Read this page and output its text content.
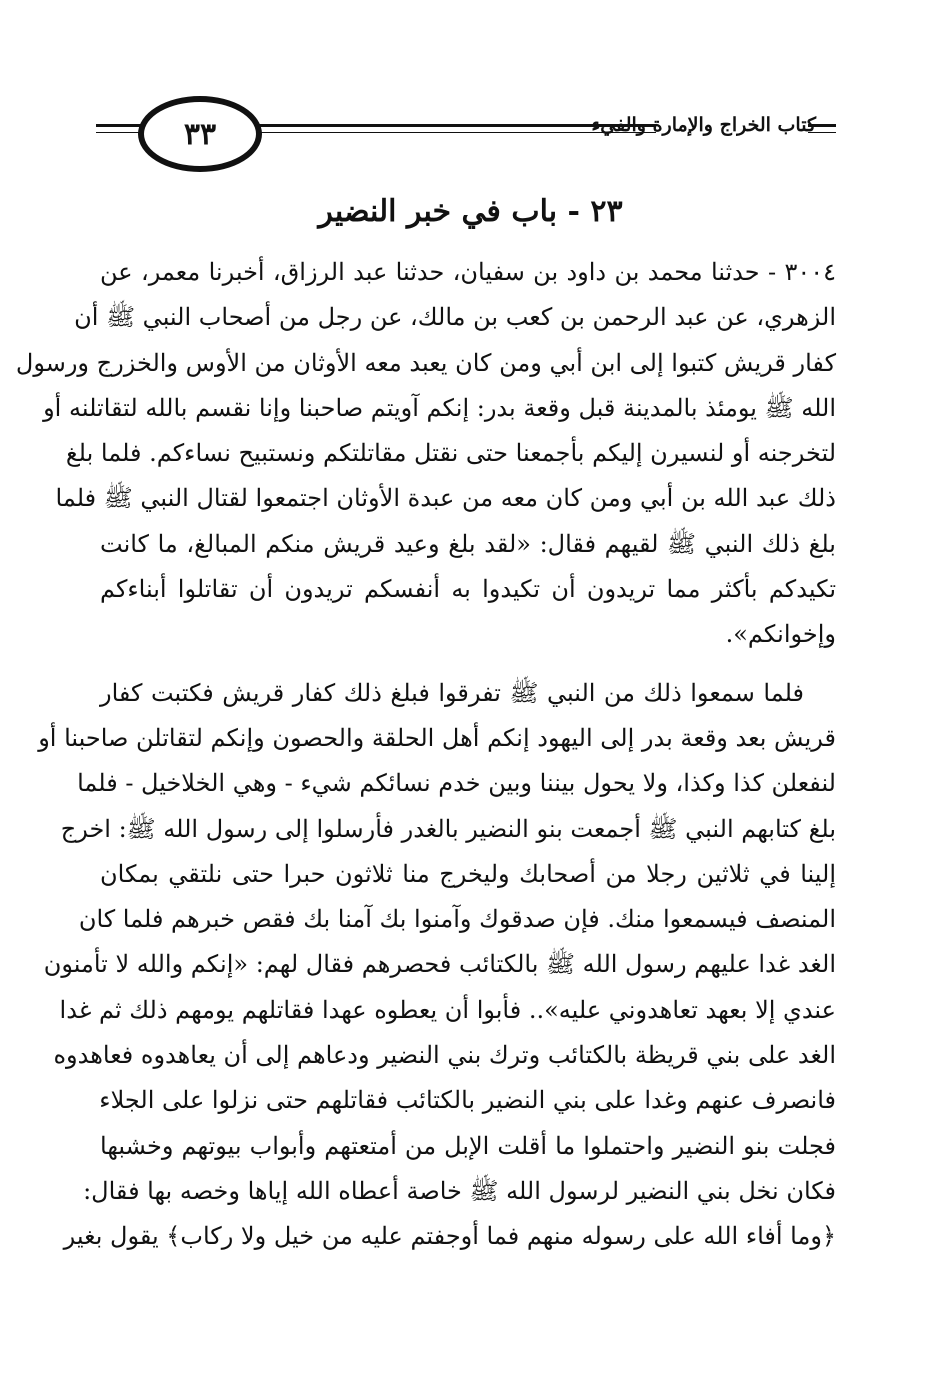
٣٣	كتاب الخراج والإمارة والفيء
٢٣ - باب في خبر النضير
٣٠٠٤ - حدثنا محمد بن داود بن سفيان، حدثنا عبد الرزاق، أخبرنا معمر، عن
الزهري، عن عبد الرحمن بن كعب بن مالك، عن رجل من أصحاب النبي ﷺ أن
كفار قريش كتبوا إلى ابن أبي ومن كان يعبد معه الأوثان من الأوس والخزرج ورسول
الله ﷺ يومئذ بالمدينة قبل وقعة بدر: إنكم آويتم صاحبنا وإنا نقسم بالله لتقاتلنه أو
لتخرجنه أو لنسيرن إليكم بأجمعنا حتى نقتل مقاتلتكم ونستبيح نساءكم. فلما بلغ
ذلك عبد الله بن أبي ومن كان معه من عبدة الأوثان اجتمعوا لقتال النبي ﷺ فلما
بلغ ذلك النبي ﷺ لقيهم فقال: «لقد بلغ وعيد قريش منكم المبالغ، ما كانت
تكيدكم بأكثر مما تريدون أن تكيدوا به أنفسكم تريدون أن تقاتلوا أبناءكم
وإخوانكم».
فلما سمعوا ذلك من النبي ﷺ تفرقوا فبلغ ذلك كفار قريش فكتبت كفار
قريش بعد وقعة بدر إلى اليهود إنكم أهل الحلقة والحصون وإنكم لتقاتلن صاحبنا أو
لنفعلن كذا وكذا، ولا يحول بيننا وبين خدم نسائكم شيء - وهي الخلاخيل - فلما
بلغ كتابهم النبي ﷺ أجمعت بنو النضير بالغدر فأرسلوا إلى رسول الله ﷺ: اخرج
إلينا في ثلاثين رجلا من أصحابك وليخرج منا ثلاثون حبرا حتى نلتقي بمكان
المنصف فيسمعوا منك. فإن صدقوك وآمنوا بك آمنا بك فقص خبرهم فلما كان
الغد غدا عليهم رسول الله ﷺ بالكتائب فحصرهم فقال لهم: «إنكم والله لا تأمنون
عندي إلا بعهد تعاهدوني عليه».. فأبوا أن يعطوه عهدا فقاتلهم يومهم ذلك ثم غدا
الغد على بني قريظة بالكتائب وترك بني النضير ودعاهم إلى أن يعاهدوه فعاهدوه
فانصرف عنهم وغدا على بني النضير بالكتائب فقاتلهم حتى نزلوا على الجلاء
فجلت بنو النضير واحتملوا ما أقلت الإبل من أمتعتهم وأبواب بيوتهم وخشبها
فكان نخل بني النضير لرسول الله ﷺ خاصة أعطاه الله إياها وخصه بها فقال:
﴿وما أفاء الله على رسوله منهم فما أوجفتم عليه من خيل ولا ركاب﴾ يقول بغير
